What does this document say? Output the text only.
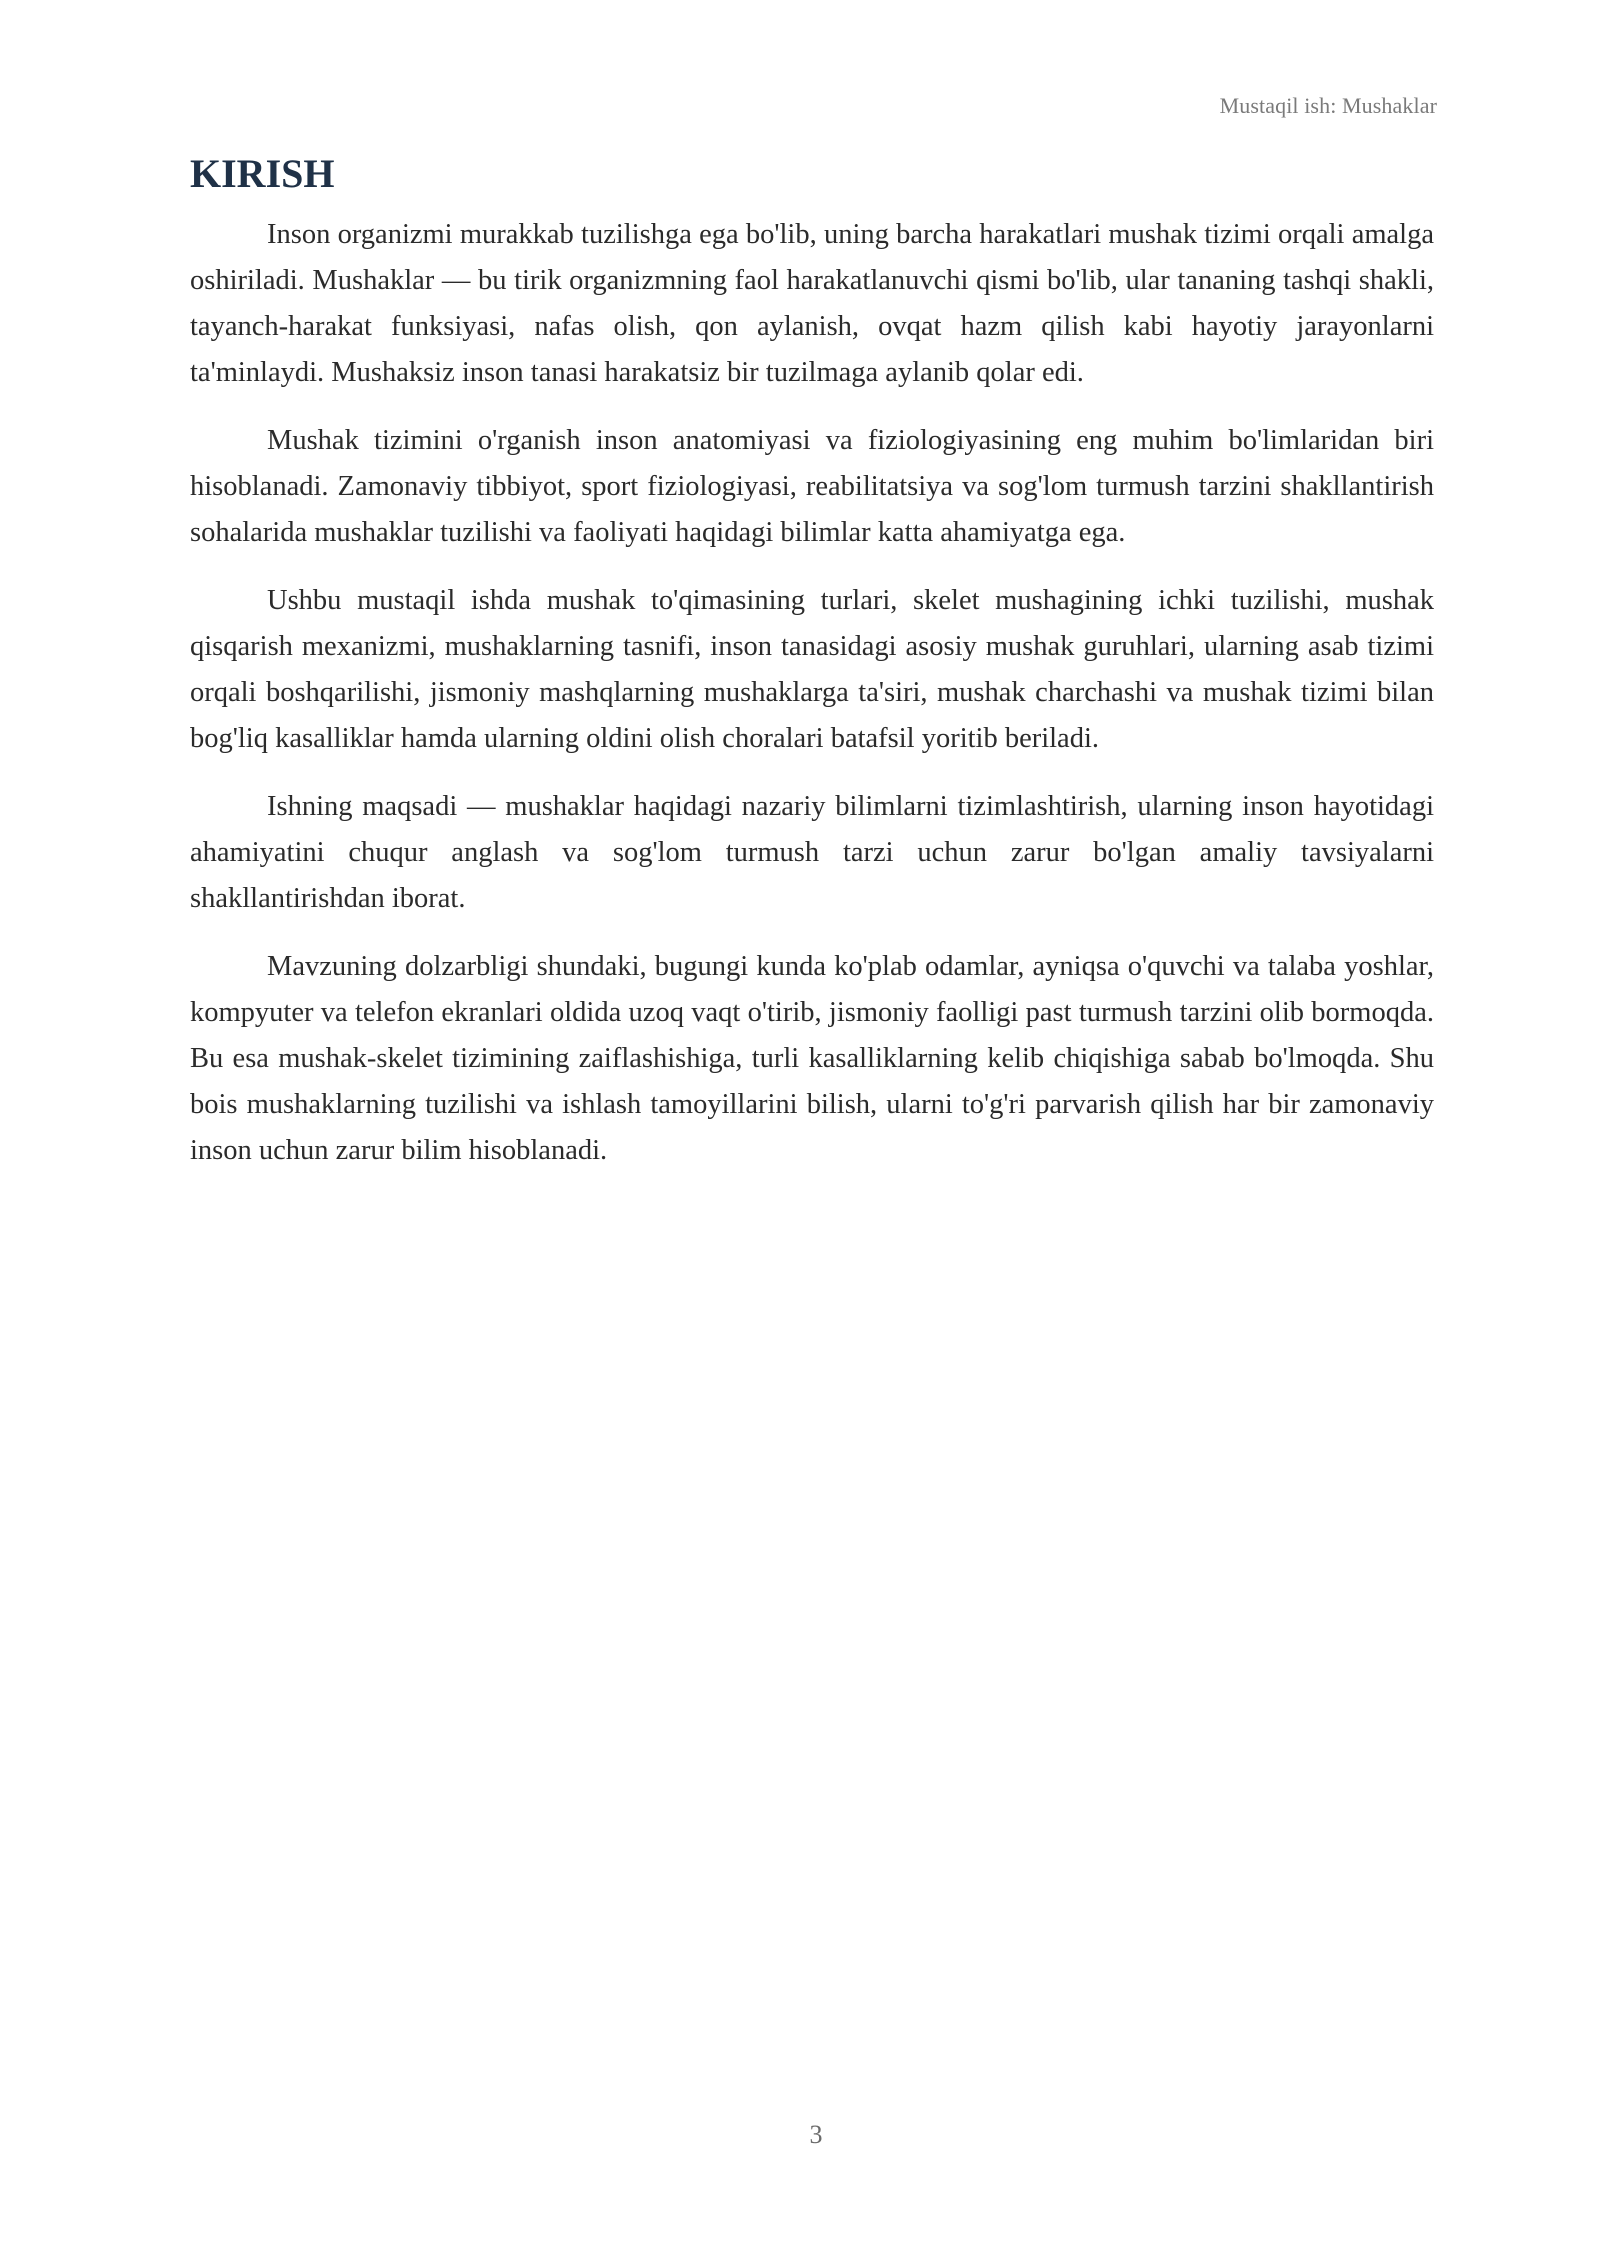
Mustaqil ish: Mushaklar
KIRISH

Inson organizmi murakkab tuzilishga ega bo'lib, uning barcha harakatlari mushak tizimi orqali amalga oshiriladi. Mushaklar — bu tirik organizmning faol harakatlanuvchi qismi bo'lib, ular tananing tashqi shakli, tayanch-harakat funksiyasi, nafas olish, qon aylanish, ovqat hazm qilish kabi hayotiy jarayonlarni ta'minlaydi. Mushaksiz inson tanasi harakatsiz bir tuzilmaga aylanib qolar edi.

Mushak tizimini o'rganish inson anatomiyasi va fiziologiyasining eng muhim bo'limlaridan biri hisoblanadi. Zamonaviy tibbiyot, sport fiziologiyasi, reabilitatsiya va sog'lom turmush tarzini shakllantirish sohalarida mushaklar tuzilishi va faoliyati haqidagi bilimlar katta ahamiyatga ega.

Ushbu mustaqil ishda mushak to'qimasining turlari, skelet mushagining ichki tuzilishi, mushak qisqarish mexanizmi, mushaklarning tasnifi, inson tanasidagi asosiy mushak guruhlari, ularning asab tizimi orqali boshqarilishi, jismoniy mashqlarning mushaklarga ta'siri, mushak charchashi va mushak tizimi bilan bog'liq kasalliklar hamda ularning oldini olish choralari batafsil yoritib beriladi.

Ishning maqsadi — mushaklar haqidagi nazariy bilimlarni tizimlashtirish, ularning inson hayotidagi ahamiyatini chuqur anglash va sog'lom turmush tarzi uchun zarur bo'lgan amaliy tavsiyalarni shakllantirishdan iborat.

Mavzuning dolzarbligi shundaki, bugungi kunda ko'plab odamlar, ayniqsa o'quvchi va talaba yoshlar, kompyuter va telefon ekranlari oldida uzoq vaqt o'tirib, jismoniy faolligi past turmush tarzini olib bormoqda. Bu esa mushak-skelet tizimining zaiflashishiga, turli kasalliklarning kelib chiqishiga sabab bo'lmoqda. Shu bois mushaklarning tuzilishi va ishlash tamoyillarini bilish, ularni to'g'ri parvarish qilish har bir zamonaviy inson uchun zarur bilim hisoblanadi.

3
